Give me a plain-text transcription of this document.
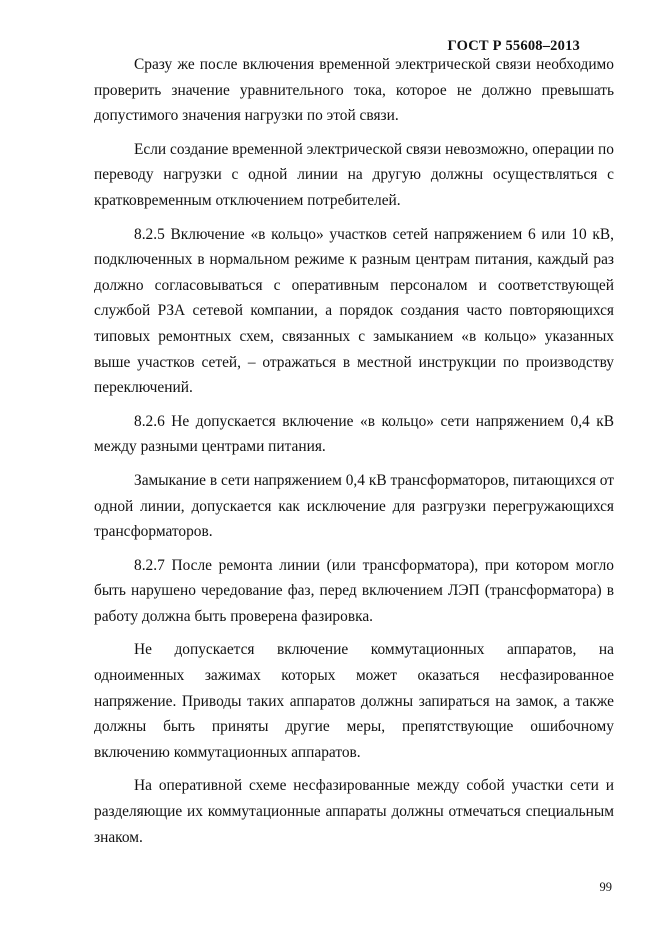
ГОСТ Р 55608–2013

Сразу же после включения временной электрической связи необходимо проверить значение уравнительного тока, которое не должно превышать допустимого значения нагрузки по этой связи.

Если создание временной электрической связи невозможно, операции по переводу нагрузки с одной линии на другую должны осуществляться с кратковременным отключением потребителей.

8.2.5 Включение «в кольцо» участков сетей напряжением 6 или 10 кВ, подключенных в нормальном режиме к разным центрам питания, каждый раз должно согласовываться с оперативным персоналом и соответствующей службой РЗА сетевой компании, а порядок создания часто повторяющихся типовых ремонтных схем, связанных с замыканием «в кольцо» указанных выше участков сетей, – отражаться в местной инструкции по производству переключений.

8.2.6 Не допускается включение «в кольцо» сети напряжением 0,4 кВ между разными центрами питания.

Замыкание в сети напряжением 0,4 кВ трансформаторов, питающихся от одной линии, допускается как исключение для разгрузки перегружающихся трансформаторов.

8.2.7 После ремонта линии (или трансформатора), при котором могло быть нарушено чередование фаз, перед включением ЛЭП (трансформатора) в работу должна быть проверена фазировка.

Не допускается включение коммутационных аппаратов, на одноименных зажимах которых может оказаться несфазированное напряжение. Приводы таких аппаратов должны запираться на замок, а также должны быть приняты другие меры, препятствующие ошибочному включению коммутационных аппаратов.

На оперативной схеме несфазированные между собой участки сети и разделяющие их коммутационные аппараты должны отмечаться специальным знаком.

99
